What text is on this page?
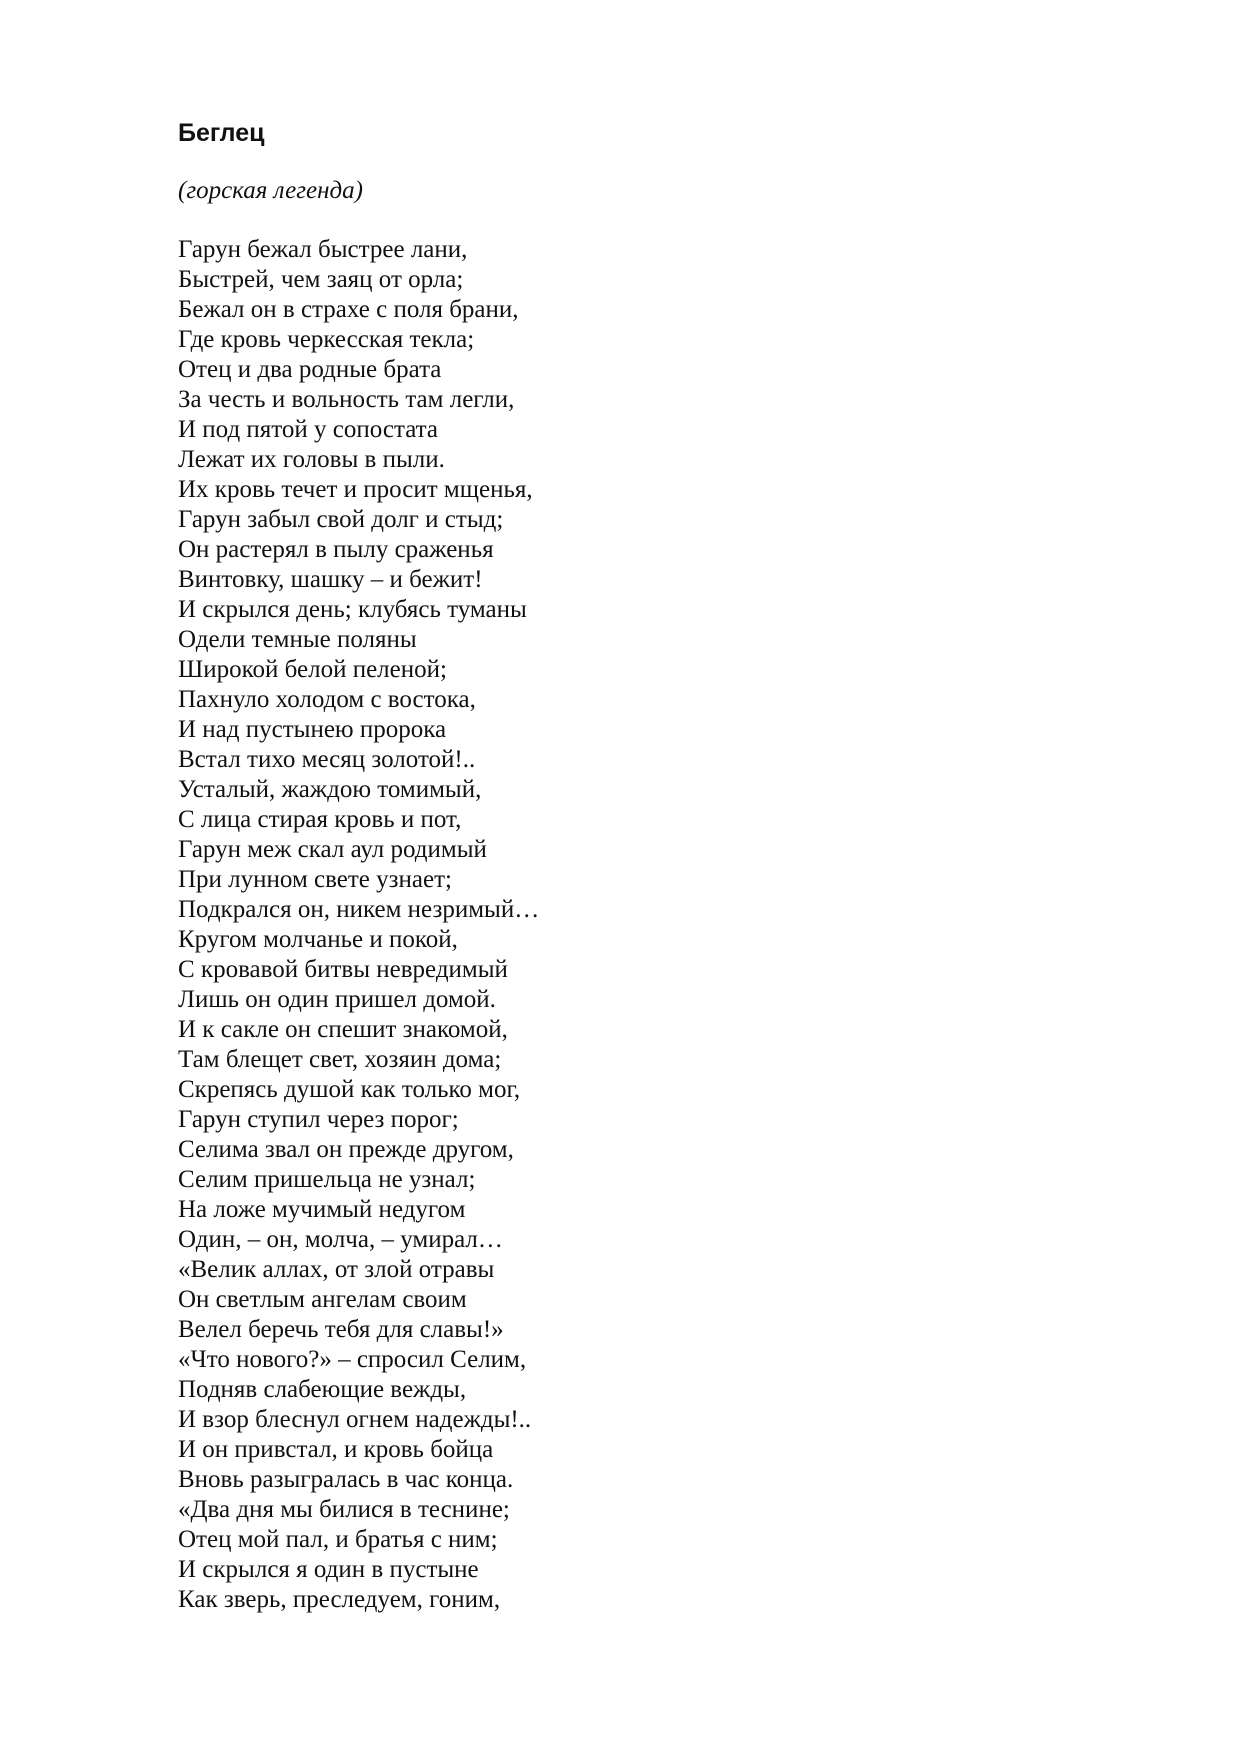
Беглец

(горская легенда)

Гарун бежал быстрее лани,
Быстрей, чем заяц от орла;
Бежал он в страхе с поля брани,
Где кровь черкесская текла;
Отец и два родные брата
За честь и вольность там легли,
И под пятой у сопостата
Лежат их головы в пыли.
Их кровь течет и просит мщенья,
Гарун забыл свой долг и стыд;
Он растерял в пылу сраженья
Винтовку, шашку – и бежит!
И скрылся день; клубясь туманы
Одели темные поляны
Широкой белой пеленой;
Пахнуло холодом с востока,
И над пустынею пророка
Встал тихо месяц золотой!..
Усталый, жаждою томимый,
С лица стирая кровь и пот,
Гарун меж скал аул родимый
При лунном свете узнает;
Подкрался он, никем незримый…
Кругом молчанье и покой,
С кровавой битвы невредимый
Лишь он один пришел домой.
И к сакле он спешит знакомой,
Там блещет свет, хозяин дома;
Скрепясь душой как только мог,
Гарун ступил через порог;
Селима звал он прежде другом,
Селим пришельца не узнал;
На ложе мучимый недугом
Один, – он, молча, – умирал…
«Велик аллах, от злой отравы
Он светлым ангелам своим
Велел беречь тебя для славы!»
«Что нового?» – спросил Селим,
Подняв слабеющие вежды,
И взор блеснул огнем надежды!..
И он привстал, и кровь бойца
Вновь разыгралась в час конца.
«Два дня мы билися в теснине;
Отец мой пал, и братья с ним;
И скрылся я один в пустыне
Как зверь, преследуем, гоним,
